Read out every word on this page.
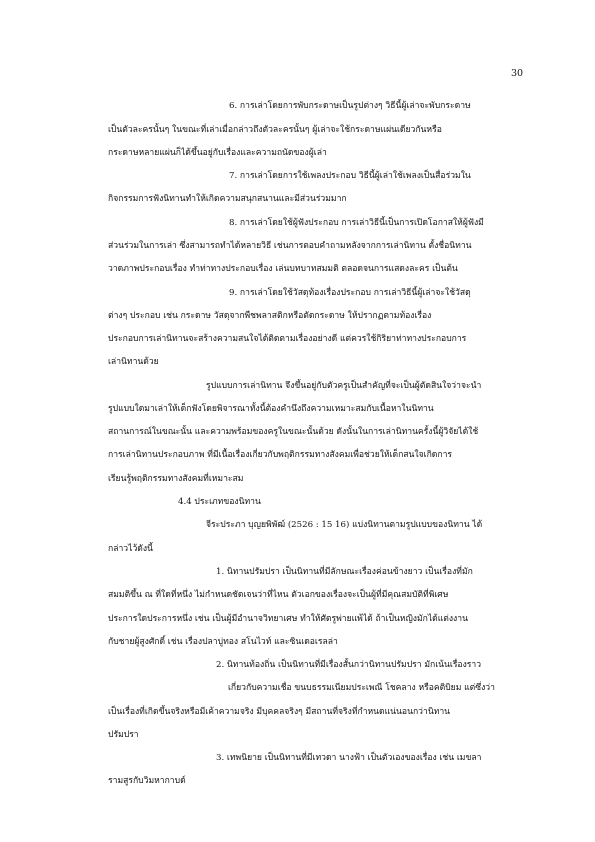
30
6. การเล่าโดยการพับกระดาษเป็นรูปต่างๆ วิธีนี้ผู้เล่าจะพับกระดาษ
เป็นตัวละครนั้นๆ ในขณะที่เล่าเมื่อกล่าวถึงตัวละครนั้นๆ ผู้เล่าจะใช้กระดาษแผ่นเดียวกันหรือ
กระดาษหลายแผ่นก็ได้ขึ้นอยู่กับเรื่องและความถนัดของผู้เล่า
7. การเล่าโดยการใช้เพลงประกอบ วิธีนี้ผู้เล่าใช้เพลงเป็นสื่อร่วมใน
กิจกรรมการฟังนิทานทำให้เกิดความสนุกสนานและมีส่วนร่วมมาก
8. การเล่าโดยใช้ผู้ฟังประกอบ การเล่าวิธีนี้เป็นการเปิดโอกาสให้ผู้ฟังมี
ส่วนร่วมในการเล่า ซึ่งสามารถทำได้หลายวิธี เช่นการตอบคำถามหลังจากการเล่านิทาน ตั้งชื่อนิทาน
วาดภาพประกอบเรื่อง ทำท่าทางประกอบเรื่อง เล่นบทบาทสมมติ ตลอดจนการแสดงละคร เป็นต้น
9. การเล่าโดยใช้วัสดุท้องเรื่องประกอบ การเล่าวิธีนี้ผู้เล่าจะใช้วัสดุ
ต่างๆ ประกอบ เช่น กระดาษ วัสดุจากพืชพลาสติกหรือตัดกระดาษ ให้ปรากฏตามท้องเรื่อง
ประกอบการเล่านิทานจะสร้างความสนใจได้ติดตามเรื่องอย่างดี แต่ควรใช้กิริยาท่าทางประกอบการ
เล่านิทานด้วย
รูปแบบการเล่านิทาน จึงขึ้นอยู่กับตัวครูเป็นสำคัญที่จะเป็นผู้ตัดสินใจว่าจะนำ
รูปแบบใดมาเล่าให้เด็กฟังโดยพิจารณาทั้งนี้ต้องคำนึงถึงความเหมาะสมกับเนื้อหาในนิทาน
สถานการณ์ในขณะนั้น และความพร้อมของครูในขณะนั้นด้วย ดังนั้นในการเล่านิทานครั้งนี้ผู้วิจัยได้ใช้
การเล่านิทานประกอบภาพ ที่มีเนื้อเรื่องเกี่ยวกับพฤติกรรมทางสังคมเพื่อช่วยให้เด็กสนใจเกิดการ
เรียนรู้พฤติกรรมทางสังคมที่เหมาะสม
4.4 ประเภทของนิทาน
จีระประภา บุญยพิพัฒ์ (2526 : 15 16) แบ่งนิทานตามรูปแบบของนิทาน ได้
กล่าวไว้ดังนี้
1. นิทานปรัมปรา เป็นนิทานที่มีลักษณะเรื่องค่อนข้างยาว เป็นเรื่องที่มัก
สมมติขึ้น ณ ที่ใดที่หนึ่ง ไม่กำหนดชัดเจนว่าที่ไหน ตัวเอกของเรื่องจะเป็นผู้ที่มีคุณสมบัติที่พิเศษ
ประการใดประการหนึ่ง เช่น เป็นผู้มีอำนาจวิทยาเศษ ทำให้ศัตรูพ่ายแพ้ได้ ถ้าเป็นหญิงมักได้แต่งงาน
กับชายผู้สูงศักดิ์ เช่น เรื่องปลาบู่ทอง สโนไวท์ และซินเดอเรลล่า
2. นิทานท้องถิ่น เป็นนิทานที่มีเรื่องสั้นกว่านิทานปรัมปรา มักเน้นเรื่องราว
เกี่ยวกับความเชื่อ ขนบธรรมเนียมประเพณี โชคลาง หรือคติบิยม แต่ซึ่งว่า
เป็นเรื่องที่เกิดขึ้นจริงหรือมีเค้าความจริง มีบุคคลจริงๆ มีสถานที่จริงที่กำหนดแน่นอนกว่านิทาน
ปรัมปรา
3. เทพนิยาย เป็นนิทานที่มีเทวดา นางฟ้า เป็นตัวเองของเรื่อง เช่น เมขลา
รามสูรกับวิมหากาบด์
